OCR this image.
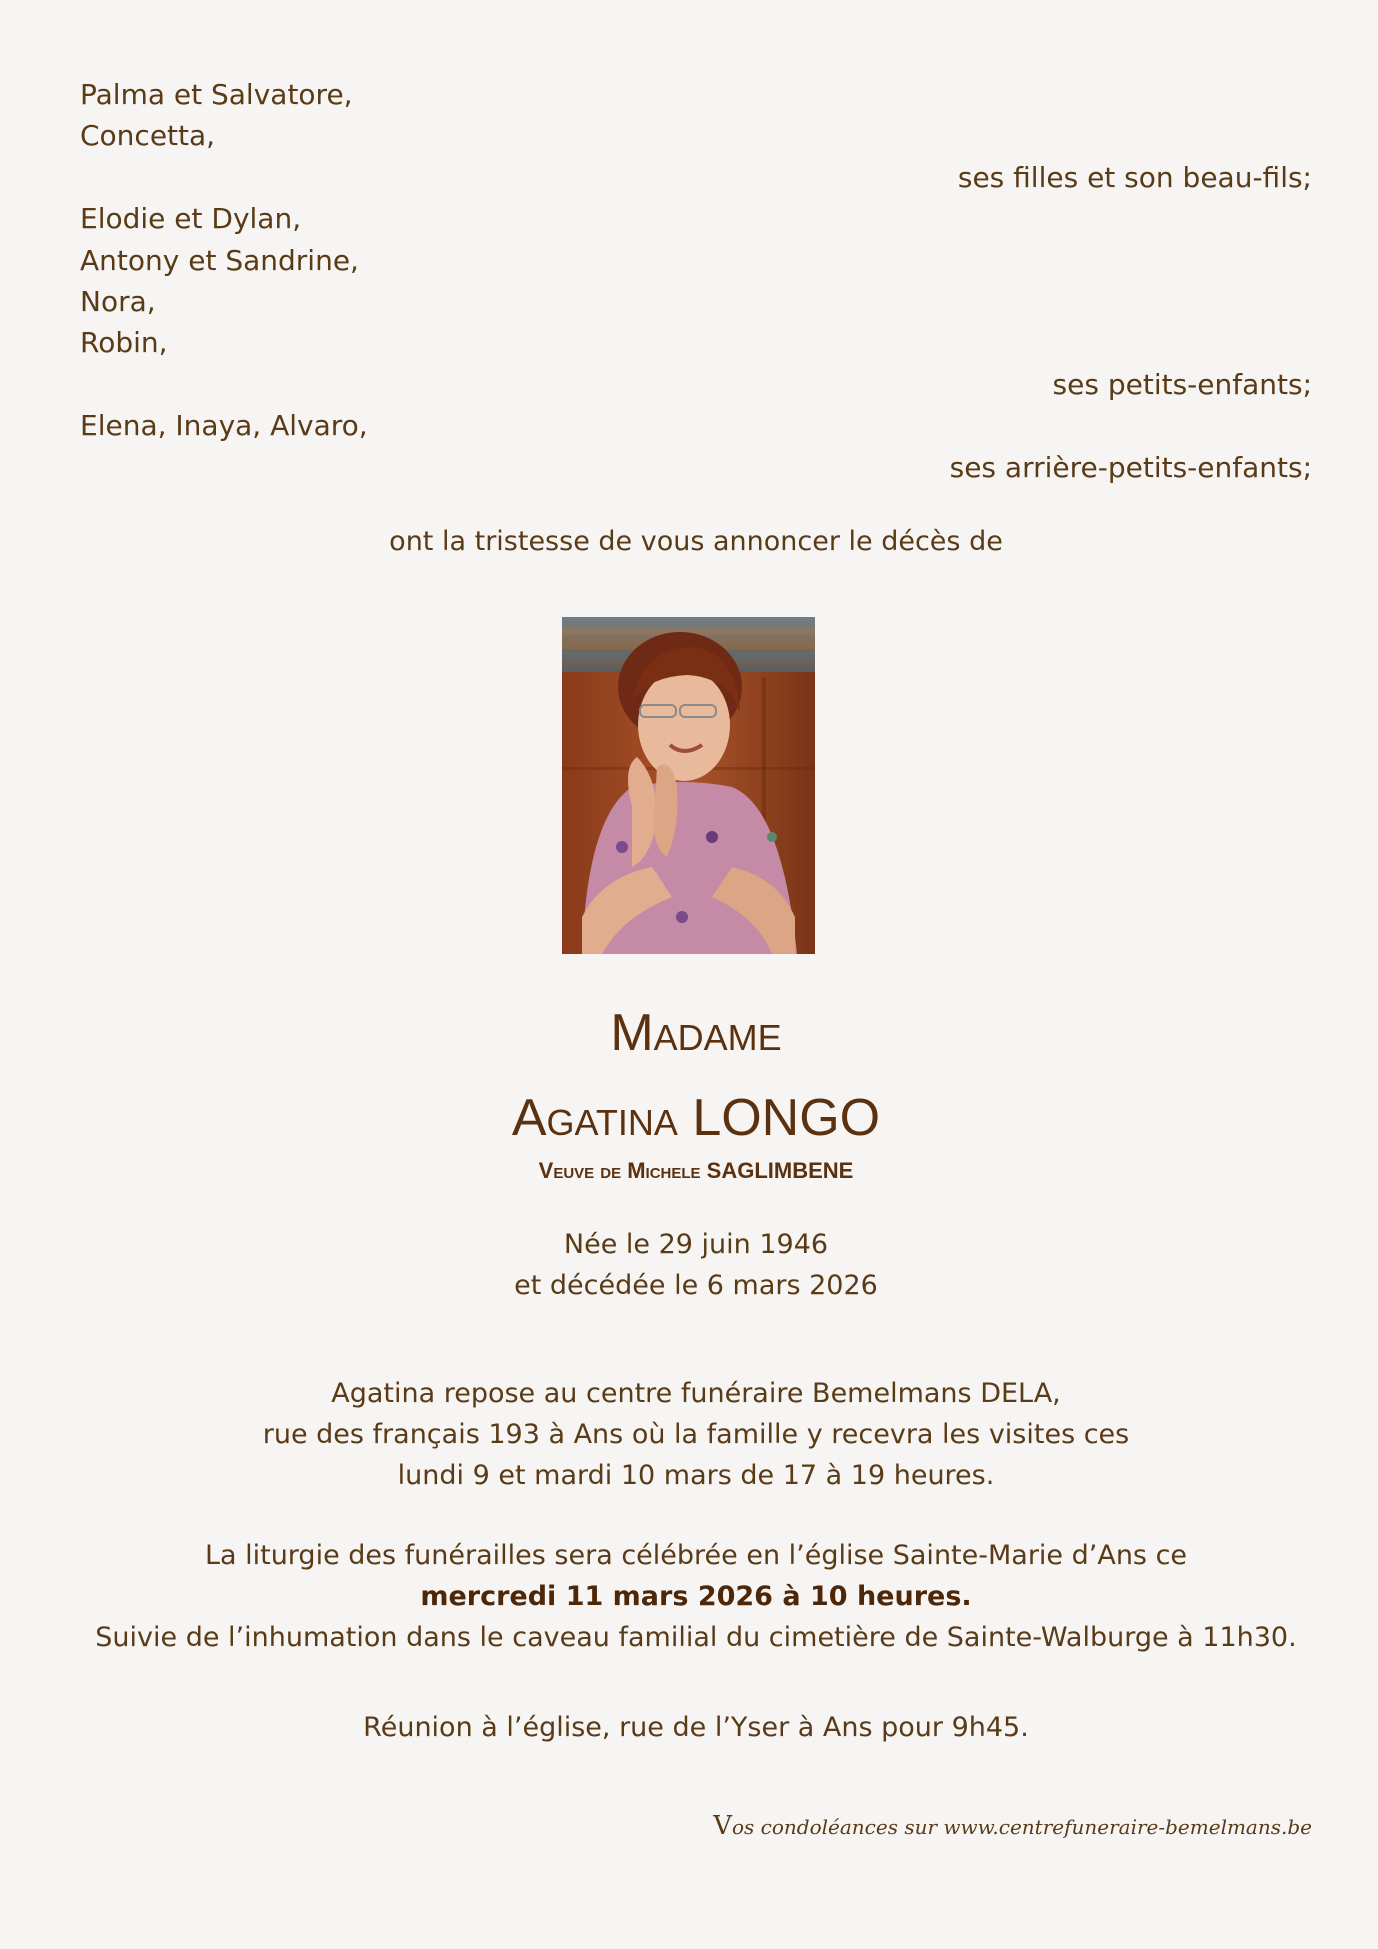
Palma et Salvatore,
Concetta,
ses filles et son beau-fils;
Elodie et Dylan,
Antony et Sandrine,
Nora,
Robin,
ses petits-enfants;
Elena, Inaya, Alvaro,
ses arrière-petits-enfants;
ont la tristesse de vous annoncer le décès de
Madame
Agatina LONGO
Veuve de Michele SAGLIMBENE
Née le 29 juin 1946
et décédée le 6 mars 2026
Agatina repose au centre funéraire Bemelmans DELA,
rue des français 193 à Ans où la famille y recevra les visites ces
lundi 9 et mardi 10 mars de 17 à 19 heures.
La liturgie des funérailles sera célébrée en l’église Sainte-Marie d’Ans ce
mercredi 11 mars 2026 à 10 heures.
Suivie de l’inhumation dans le caveau familial du cimetière de Sainte-Walburge à 11h30.
Réunion à l’église, rue de l’Yser à Ans pour 9h45.
Vos condoléances sur www.centrefuneraire-bemelmans.be
